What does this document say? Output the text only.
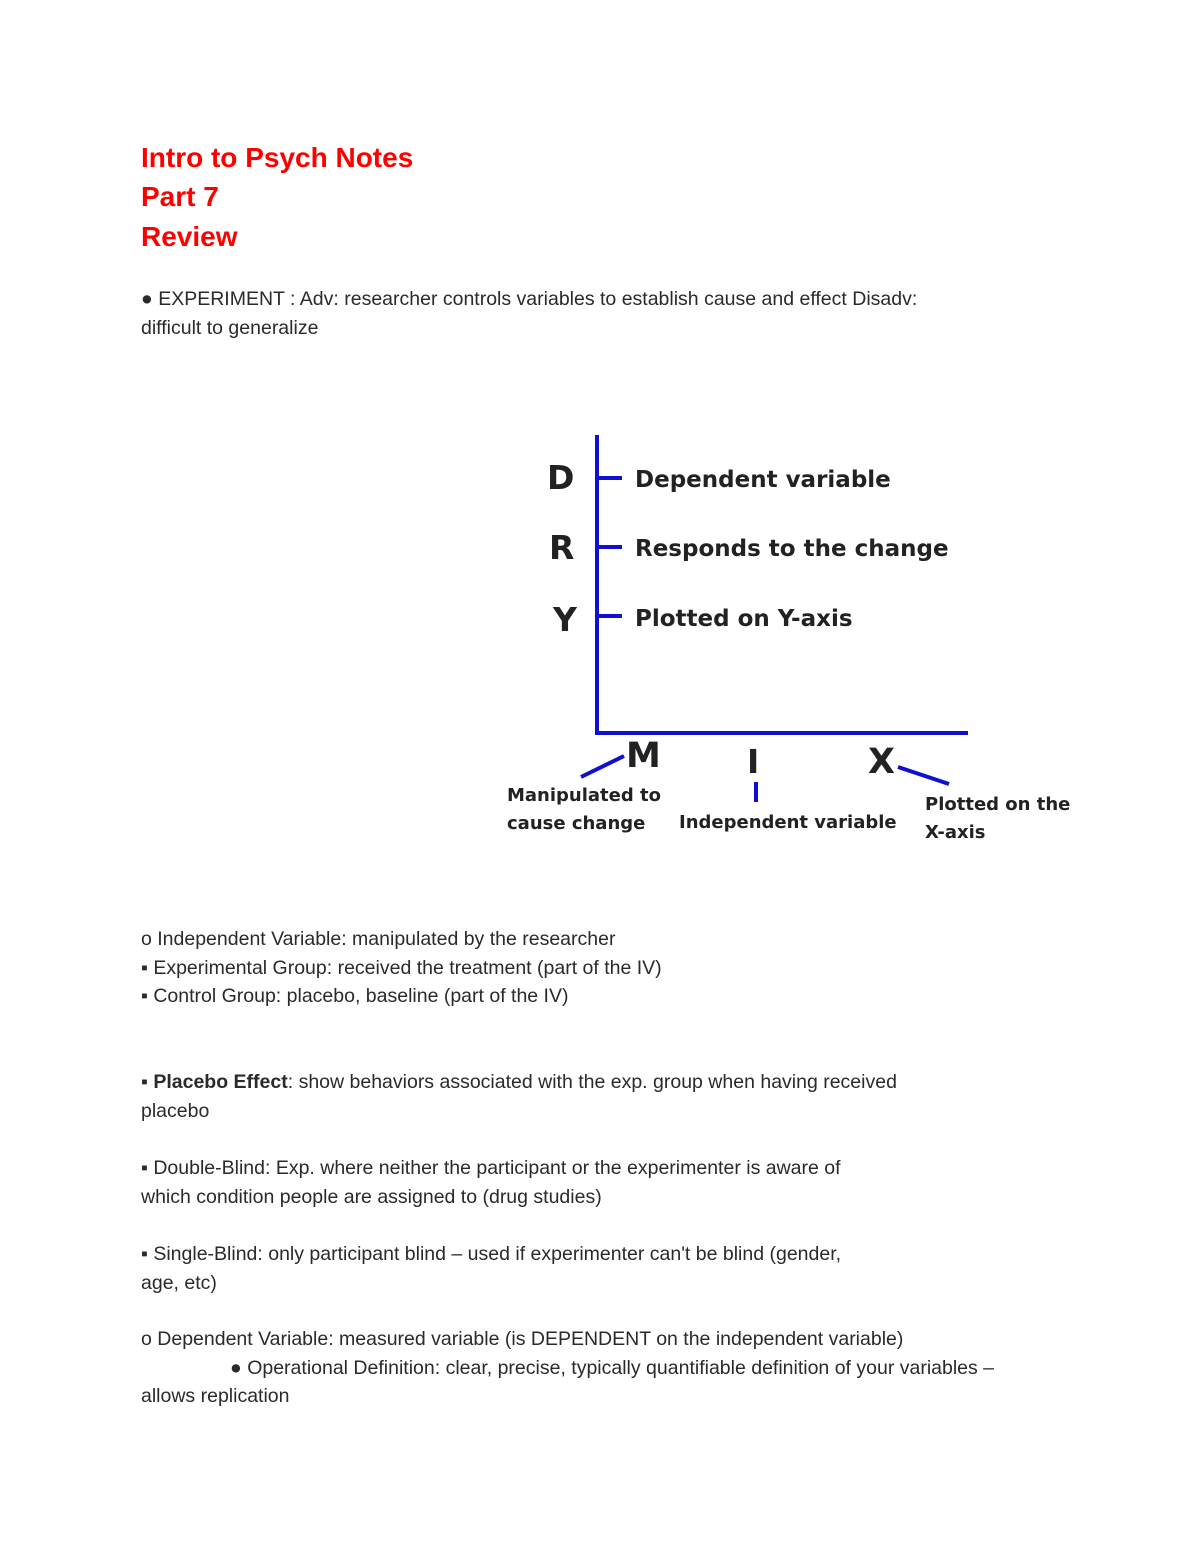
Intro to Psych Notes
Part 7
Review

● EXPERIMENT : Adv: researcher controls variables to establish cause and effect Disadv:
difficult to generalize

D
R
Y
Dependent variable
Responds to the change
Plotted on Y-axis
M	I	X
Manipulated to
cause change Independent variable
Plotted on the
X-axis

o Independent Variable: manipulated by the researcher
▪ Experimental Group: received the treatment (part of the IV)
▪ Control Group: placebo, baseline (part of the IV)

▪ Placebo Effect: show behaviors associated with the exp. group when having received
placebo

▪ Double-Blind: Exp. where neither the participant or the experimenter is aware of
which condition people are assigned to (drug studies)

▪ Single-Blind: only participant blind – used if experimenter can't be blind (gender,
age, etc)

o Dependent Variable: measured variable (is DEPENDENT on the independent variable)
● Operational Definition: clear, precise, typically quantifiable definition of your variables –
allows replication
